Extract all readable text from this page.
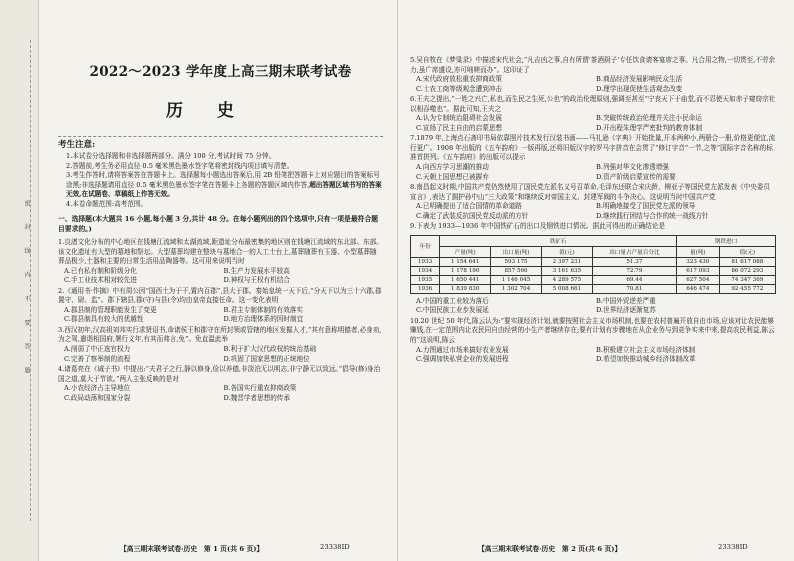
密 封 线 内 不 要 答 题
2022～2023 学年度上高三期末联考试卷
历 史
考生注意:

1.本试卷分选择题和非选择题两部分。满分 100 分,考试时间 75 分钟。

2.答题前,考生务必用直径 0.5 毫米黑色墨水签字笔将密封线内项目填写清楚。

3.考生作答时,请将答案答在答题卡上。选择题每小题选出答案后,用 2B 铅笔把答题卡上对应题目的答案标号涂黑;非选择题请用直径 0.5 毫米黑色墨水签字笔在答题卡上各题的答题区域内作答,超出答题区域书写的答案无效,在试题卷、草稿纸上作答无效。

4.本卷命题范围:高考范围。

一、选择题(本大题共 16 小题,每小题 3 分,共计 48 分。在每小题列出的四个选项中,只有一项是最符合题目要求的。)

1.良渚文化分布的中心地区在钱塘江流域和太湖流域,距遗址分布最密集的地区则在钱塘江流域的东北部、东部。该文化遗址有大型的墓地和祭坛。大型墓葬均建在整块与墓地合一的人工土台上,墓葬随葬有玉器、小型墓葬随葬品极少,土器和主要的日常生活用品陶器等。这可用来说明当时

A.已有私有制和阶级分化	B.生产力发展水平较高
C.手工业技术相对较先进	D.神权与王权有机结合

2.《通用书·作摘》中有周公因“国西土为于干,置内百郡”,县大于郡。秦始皇统一天下后,“分天下以为三十六郡,郡置守、尉、监”。郡下辖县,郡(守)与县(令)均由皇帝直接任命。这一变化表明

A.郡县制的管理职能发生了变更	B.君主专制体制的有效落实
C.郡县制具有较大的优越性	D.地方治理体系的因时制宜

3.西汉初年,汉高祖刘邦实行求贤诏书,命诸侯王和郡守在所封领或管辖的地区发掘人才,“其有意称明德者,必身劝,为之驾,遣诣相国府,署行义年,有其而弗言,免”。免直温此举

A.削弱了中正选官权力	B.利于扩大汉代政权的统治基础
C.完善了察举制的流程	D.巩固了国家思想的正统地位

4.诸葛亮在《诫子书》中提出:“夫君子之行,静以修身,俭以养德,非淡泊无以明志,非宁静无以致远。”倡导(修)身治国之道,莫大于节欲。”两人主张反映的是对

A.小农经济占主导地位	B.各国实行重农抑商政策
C.政局动荡和国家分裂	D.魏晋学者思想的传承
【高三期末联考试卷·历史　第 1 页(共 6 页)】	23338ID

5.吴自牧在《梦粱录》中描述宋代社会,“凡吉凶之事,自有所谓‘茶酒厨子’专任饮食请客宴席之事。凡合用之物,一切贯至,不劳余力,虽广席盛设,亦可咄嗟而办”。这印证了

A.宋代政府放松重农抑商政策	B.商品经济发展影响民众生活
C.士农工商等级观念遭到冲击	D.理学出现促使生活观念改变

6.王夫之提出,“一姓之兴亡,私也,而生民之生死,公也”的政治伦理原则,强调至甚至“宁丧天下于庙堂,而不忍使天如赤子窥窃宗社以相吞噬也”。据此可知,王夫之

A.认为专制统治阻碍社会发展	B.突破传统政治伦理并关注小民命运
C.宣扬了民主自由的启蒙思想	D.开出程朱理学严密批判的教育体制

7.1879 年,上海点石斋印书局依靠照片技术发行汉装书画——马礼逊《字典》开始批量,开本两种小,两册合一册,价格更便宜,流行更广。1908 年出版的《五车韵府》一版再版,还将旧版汉字的罗马字拼音在会贯了“修订字音”一节,之等“国际字音名称的标准首拼列。《五车韵府》的出版可以提示

A.向西方学习思潮的推动	B.列强对华文化渗透增强
C.天朝上国思想已被摒弃	D.资产阶级启蒙宣传的需要

8.南昌起义时期,中国共产党仍然使用了国民党左派名义号召革命,毛泽东还联合宋庆龄、柳亚子等国民党左派发表《中央委员宣言》,表达了拥护孙中山“三大政策”和继续反对帝国主义、封建军阀的斗争决心。这说明当时中国共产党

A.已明确提出了适合国情的革命道路	B.明确地接受了国民党左派的领导
C.确定了武装反抗国民党反动派的方针	D.继续践行团结与合作的统一战线方针

9.下表为 1933—1936 年中国铁矿石的出口及钢铁进口情况。据此可得出的正确结论是

年份	铁矿石				钢铁进口	
	产量(吨)	出口量(吨)	值(元)	出口量占产量百分比	量(吨)	值(元)
1933	1 154 641	593 175	2 397 231	51.37	323 430	81 617 088
1934	1 178 190	857 566	3 161 635	72.79	617 093	86 072 293
1935	1 650 441	1 146 045	4 289 575	69.44	627 504	74 347 369
1936	1 839 830	1 302 704	5 008 661	70.81	646 474	92 455 772
A.中国的重工业较为落后	B.中国外贸逆差严重
C.中国民族工业步发展延	D.世界经济逐渐复苏

10.20 世纪 50 年代,陈云认为:“要实现经济计划,就要按照社会主义市场机制,也要在农村普遍开放自由市场,应该对让农民能够赚钱,在一定范围内让农民同自由经营的小生产者继续存在;要有计划有步骤地在从企业务与到竞争实来中来,提高农民利益,陈云的”这说明,陈云

A.力图通过市场来搞好农业发展	B.积极建立社会主义市场经济体制
C.强调加快私营企业的发展进程	D.希望加快推动城乡经济体制改革
【高三期末联考试卷·历史　第 2 页(共 6 页)】	23338ID
